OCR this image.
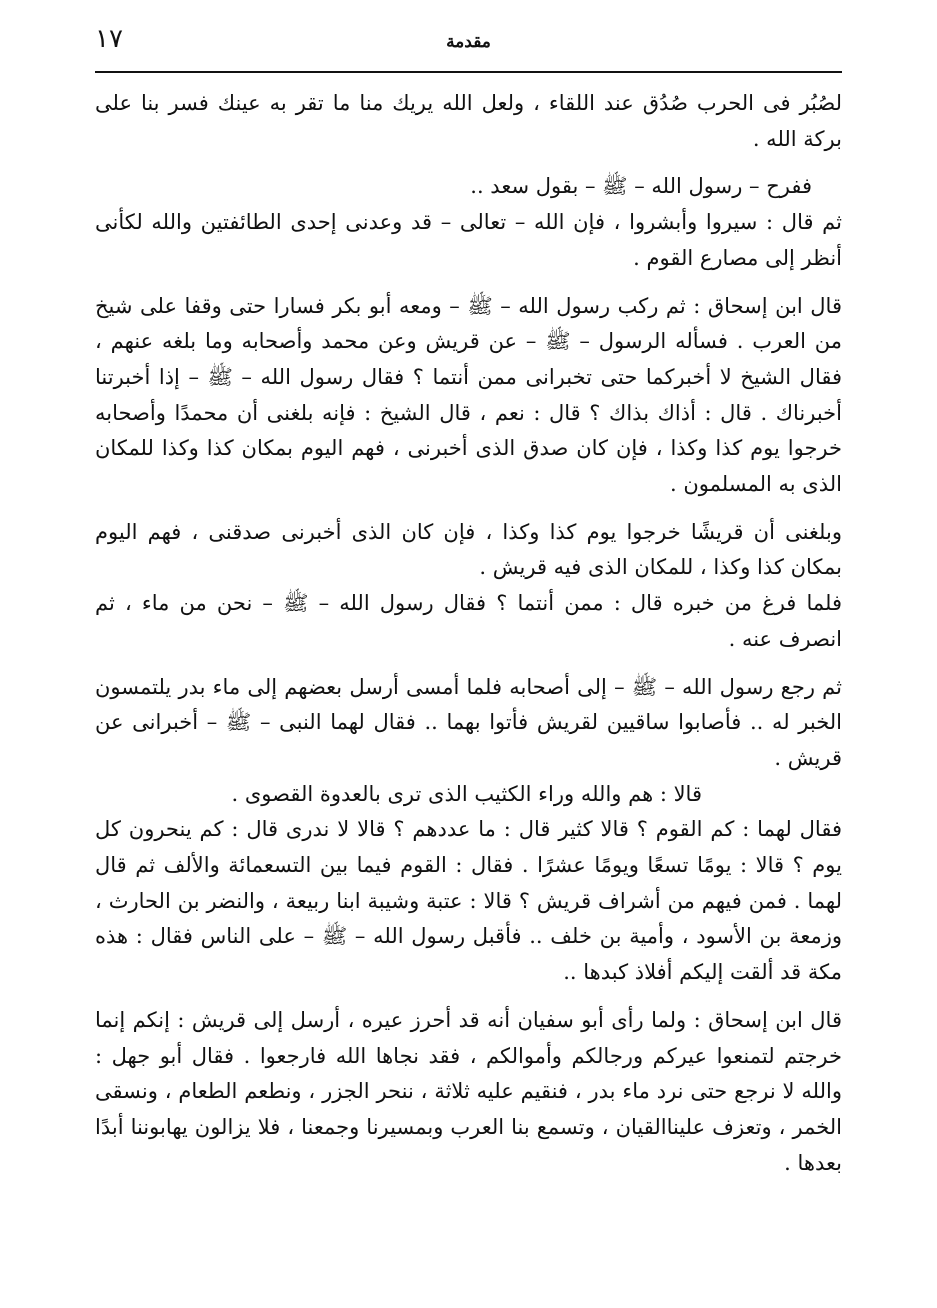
١٧	مقدمة

لصُبُر فى الحرب صُدُق عند اللقاء ، ولعل الله يريك منا ما تقر به عينك فسر بنا على بركة الله .

ففرح – رسول الله – ﷺ – بقول سعد ..

ثم قال : سيروا وأبشروا ، فإن الله – تعالى – قد وعدنى إحدى الطائفتين والله لكأنى أنظر إلى مصارع القوم .

قال ابن إسحاق : ثم ركب رسول الله – ﷺ – ومعه أبو بكر فسارا حتى وقفا على شيخ من العرب . فسأله الرسول – ﷺ – عن قريش وعن محمد وأصحابه وما بلغه عنهم ، فقال الشيخ لا أخبركما حتى تخبرانى ممن أنتما ؟ فقال رسول الله – ﷺ – إذا أخبرتنا أخبرناك . قال : أذاك بذاك ؟ قال : نعم ، قال الشيخ : فإنه بلغنى أن محمدًا وأصحابه خرجوا يوم كذا وكذا ، فإن كان صدق الذى أخبرنى ، فهم اليوم بمكان كذا وكذا للمكان الذى به المسلمون .

وبلغنى أن قريشًا خرجوا يوم كذا وكذا ، فإن كان الذى أخبرنى صدقنى ، فهم اليوم بمكان كذا وكذا ، للمكان الذى فيه قريش .

فلما فرغ من خبره قال : ممن أنتما ؟ فقال رسول الله – ﷺ – نحن من ماء ، ثم انصرف عنه .

ثم رجع رسول الله – ﷺ – إلى أصحابه فلما أمسى أرسل بعضهم إلى ماء بدر يلتمسون الخبر له .. فأصابوا ساقيين لقريش فأتوا بهما .. فقال لهما النبى – ﷺ – أخبرانى عن قريش .

قالا : هم والله وراء الكثيب الذى ترى بالعدوة القصوى .

فقال لهما : كم القوم ؟ قالا كثير قال : ما عددهم ؟ قالا لا ندرى قال : كم ينحرون كل يوم ؟ قالا : يومًا تسعًا ويومًا عشرًا . فقال : القوم فيما بين التسعمائة والألف ثم قال لهما . فمن فيهم من أشراف قريش ؟ قالا : عتبة وشيبة ابنا ربيعة ، والنضر بن الحارث ، وزمعة بن الأسود ، وأمية بن خلف .. فأقبل رسول الله – ﷺ – على الناس فقال : هذه مكة قد ألقت إليكم أفلاذ كبدها ..

قال ابن إسحاق : ولما رأى أبو سفيان أنه قد أحرز عيره ، أرسل إلى قريش : إنكم إنما خرجتم لتمنعوا عيركم ورجالكم وأموالكم ، فقد نجاها الله فارجعوا . فقال أبو جهل : والله لا نرجع حتى نرد ماء بدر ، فنقيم عليه ثلاثة ، ننحر الجزر ، ونطعم الطعام ، ونسقى الخمر ، وتعزف عليناالقيان ، وتسمع بنا العرب وبمسيرنا وجمعنا ، فلا يزالون يهابوننا أبدًا بعدها .
